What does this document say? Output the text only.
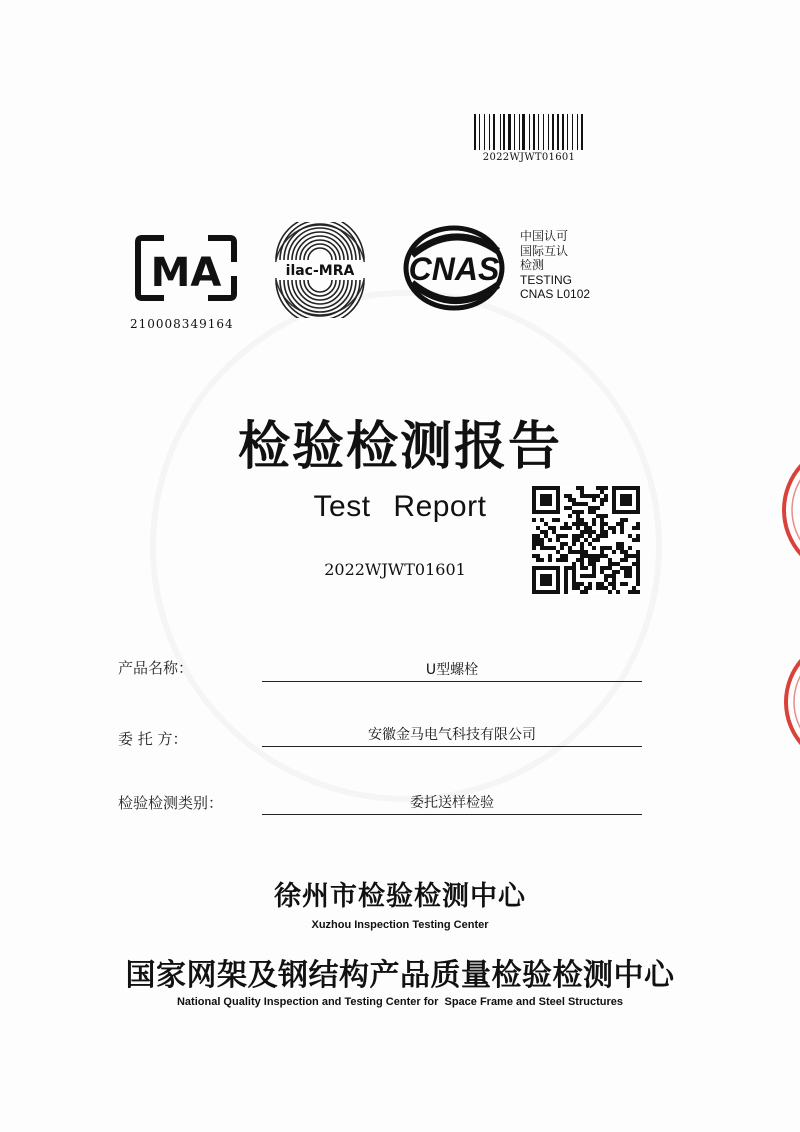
2022WJWT01601
MA
210008349164
ilac-MRA CNAS
中国认可
国际互认
检测
TESTING
CNAS L0102
检验检测报告
Test Report
2022WJWT01601
产品名称：	U型螺栓
委 托 方：	安徽金马电气科技有限公司
检验检测类别：	委托送样检验
徐州市检验检测中心
Xuzhou Inspection Testing Center
国家网架及钢结构产品质量检验检测中心
National Quality Inspection and Testing Center for  Space Frame and Steel Structures
